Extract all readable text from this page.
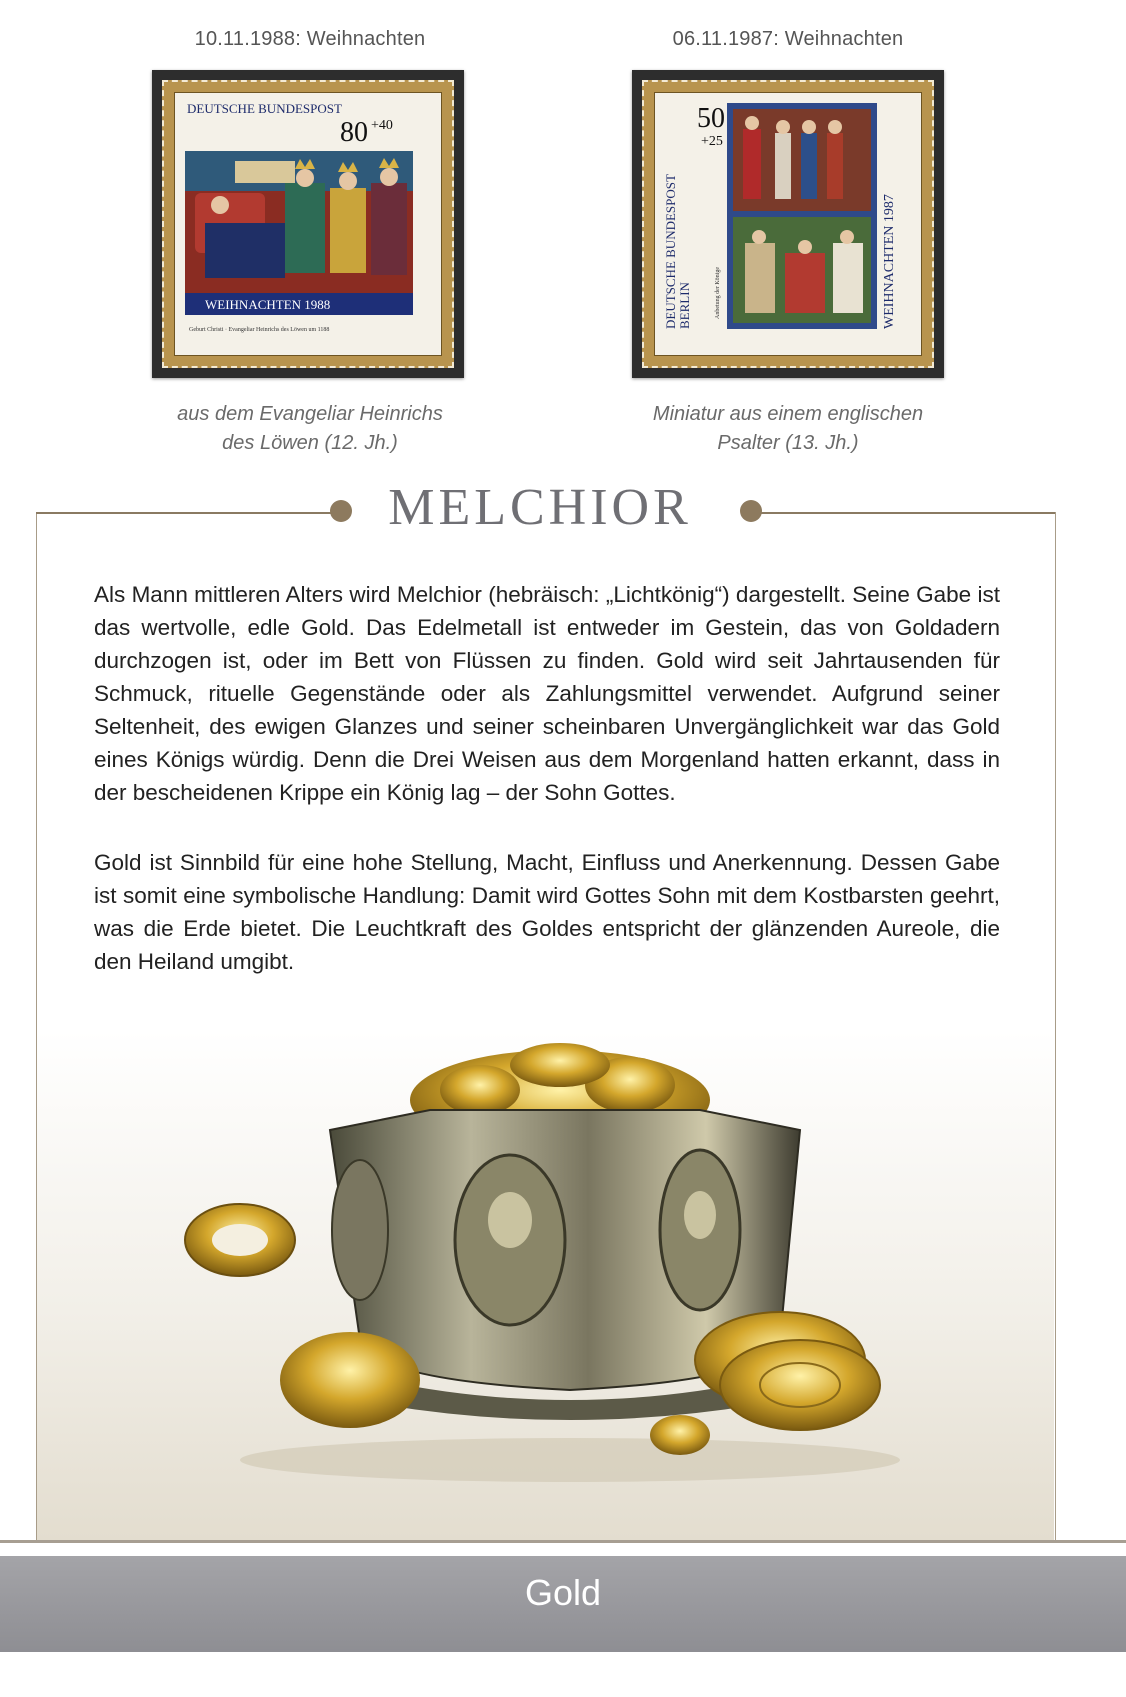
10.11.1988: Weihnachten
DEUTSCHE BUNDESPOST
80 +40
WEIHNACHTEN 1988
Geburt Christi · Evangeliar Heinrichs des Löwen um 1188
aus dem Evangeliar Heinrichs
des Löwen (12. Jh.)
06.11.1987: Weihnachten
50
+25
DEUTSCHE BUNDESPOST BERLIN	Anbetung der Könige	WEIHNACHTEN 1987
Miniatur aus einem englischen
Psalter (13. Jh.)
MELCHIOR
Als Mann mittleren Alters wird Melchior (hebräisch: „Lichtkönig“) dargestellt. Seine Gabe ist das wertvolle, edle Gold. Das Edelmetall ist entweder im Gestein, das von Goldadern durchzogen ist, oder im Bett von Flüssen zu finden. Gold wird seit Jahrtausenden für Schmuck, rituelle Gegenstände oder als Zahlungsmittel verwendet. Aufgrund seiner Seltenheit, des ewigen Glanzes und seiner scheinbaren Unvergänglichkeit war das Gold eines Königs würdig. Denn die Drei Weisen aus dem Morgenland hatten erkannt, dass in der bescheidenen Krippe ein König lag – der Sohn Gottes.
Gold ist Sinnbild für eine hohe Stellung, Macht, Einfluss und Anerkennung. Dessen Gabe ist somit eine symbolische Handlung: Damit wird Gottes Sohn mit dem Kostbarsten geehrt, was die Erde bietet. Die Leuchtkraft des Goldes entspricht der glänzenden Aureole, die den Heiland umgibt.
Gold
